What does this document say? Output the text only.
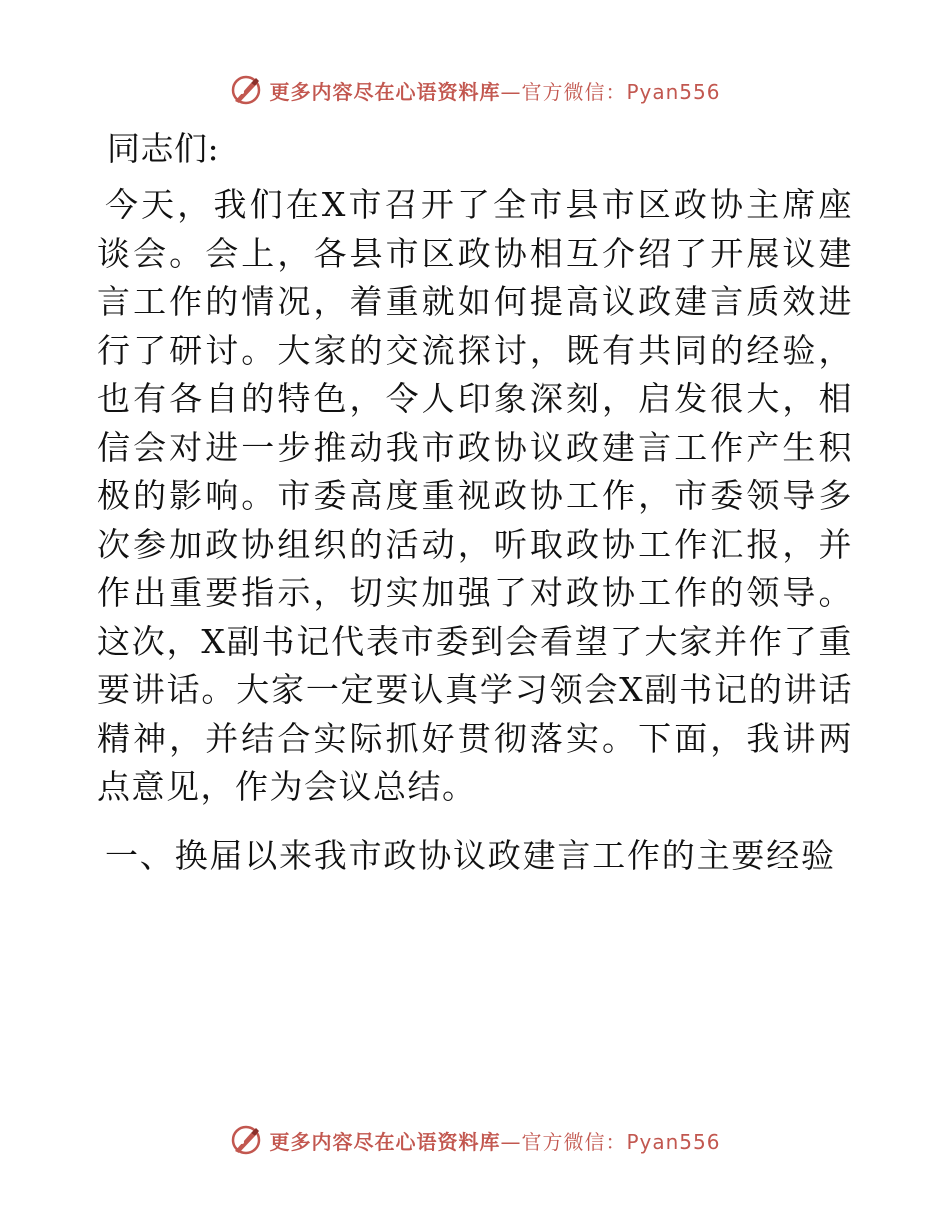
更多内容尽在心语资料库—官方微信：Pyan556

同志们:

今天，我们在X市召开了全市县市区政协主席座谈会。会上，各县市区政协相互介绍了开展议建言工作的情况，着重就如何提高议政建言质效进行了研讨。大家的交流探讨，既有共同的经验，也有各自的特色，令人印象深刻，启发很大，相信会对进一步推动我市政协议政建言工作产生积极的影响。市委高度重视政协工作，市委领导多次参加政协组织的活动，听取政协工作汇报，并作出重要指示，切实加强了对政协工作的领导。这次，X副书记代表市委到会看望了大家并作了重要讲话。大家一定要认真学习领会X副书记的讲话精神，并结合实际抓好贯彻落实。下面，我讲两点意见，作为会议总结。

一、换届以来我市政协议政建言工作的主要经验

更多内容尽在心语资料库—官方微信：Pyan556
